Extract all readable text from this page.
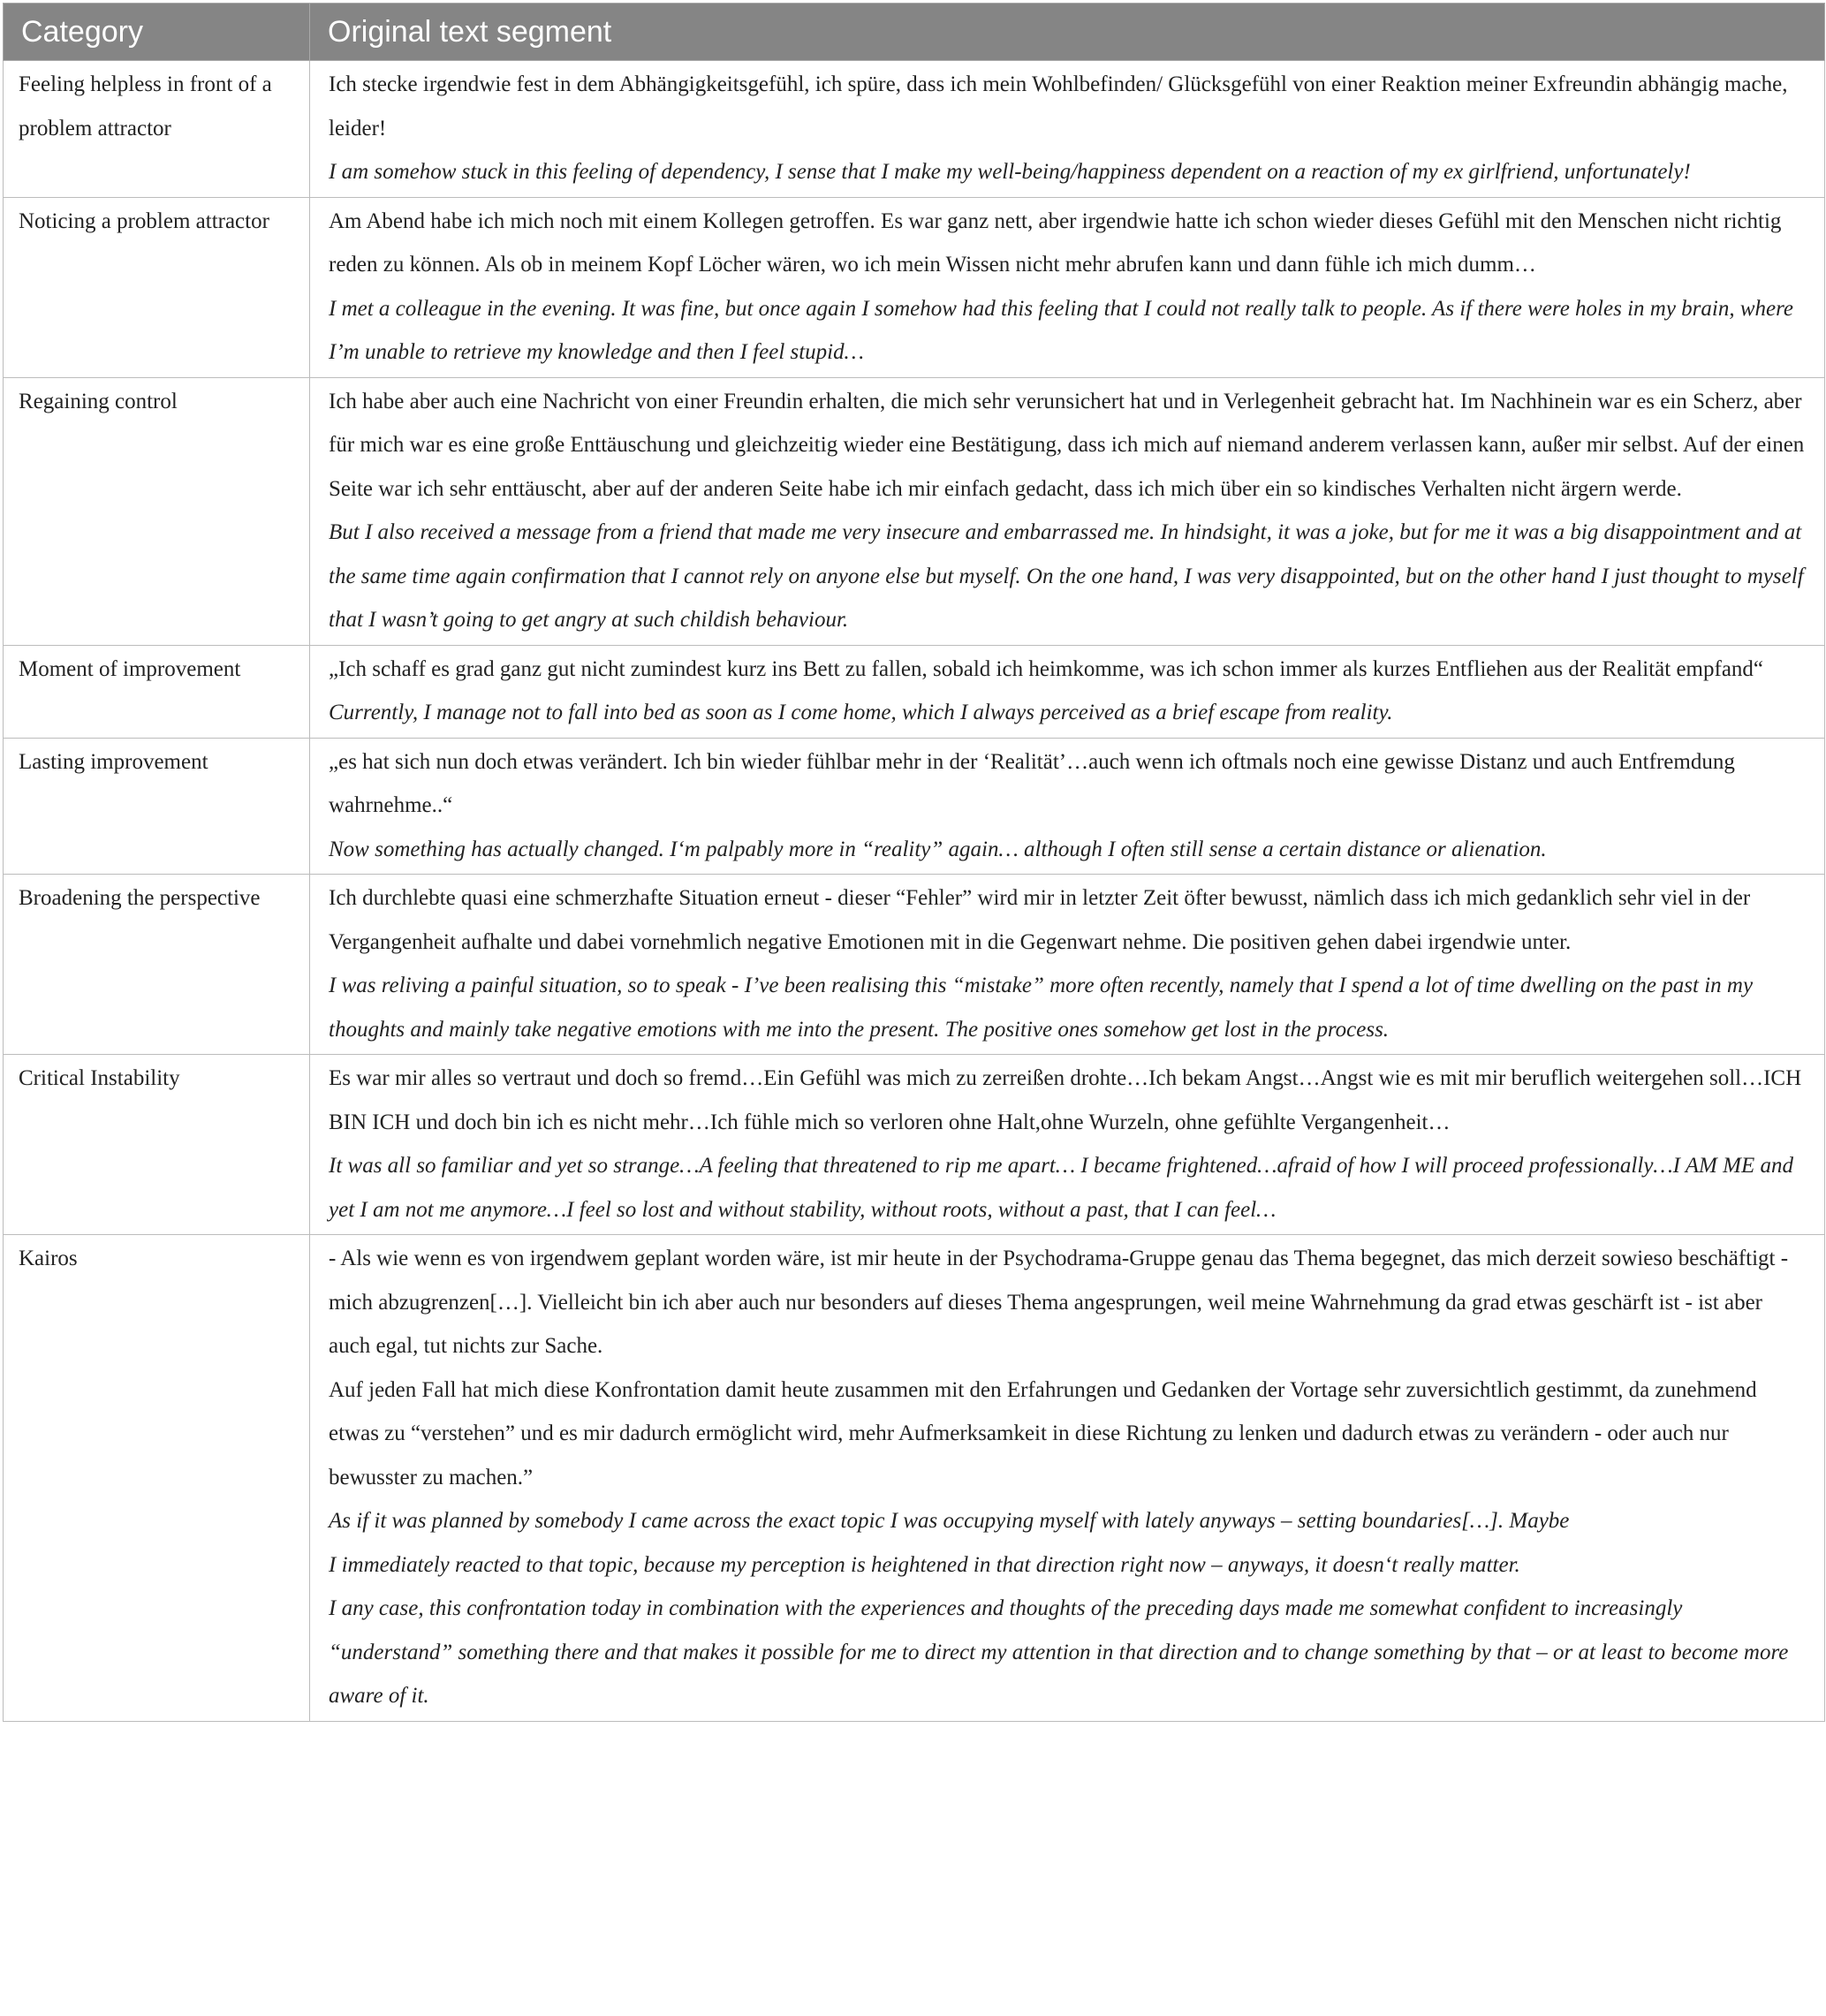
Category	Original text segment
Feeling helpless in front of a problem attractor	Ich stecke irgendwie fest in dem Abhängigkeitsgefühl, ich spüre, dass ich mein Wohlbefinden/ Glücksgefühl von einer Reaktion meiner Exfreundin abhängig mache, leider!
I am somehow stuck in this feeling of dependency, I sense that I make my well-being/happiness dependent on a reaction of my ex girlfriend, unfortunately!

Noticing a problem attractor	Am Abend habe ich mich noch mit einem Kollegen getroffen. Es war ganz nett, aber irgendwie hatte ich schon wieder dieses Gefühl mit den Menschen nicht richtig reden zu können. Als ob in meinem Kopf Löcher wären, wo ich mein Wissen nicht mehr abrufen kann und dann fühle ich mich dumm…
I met a colleague in the evening. It was fine, but once again I somehow had this feeling that I could not really talk to people. As if there were holes in my brain, where I’m unable to retrieve my knowledge and then I feel stupid…

Regaining control	Ich habe aber auch eine Nachricht von einer Freundin erhalten, die mich sehr verunsichert hat und in Verlegenheit gebracht hat. Im Nachhinein war es ein Scherz, aber für mich war es eine große Enttäuschung und gleichzeitig wieder eine Bestätigung, dass ich mich auf niemand anderem verlassen kann, außer mir selbst. Auf der einen Seite war ich sehr enttäuscht, aber auf der anderen Seite habe ich mir einfach gedacht, dass ich mich über ein so kindisches Verhalten nicht ärgern werde.
But I also received a message from a friend that made me very insecure and embarrassed me. In hindsight, it was a joke, but for me it was a big disappointment and at the same time again confirmation that I cannot rely on anyone else but myself. On the one hand, I was very disappointed, but on the other hand I just thought to myself that I wasn’t going to get angry at such childish behaviour.

Moment of improvement	„Ich schaff es grad ganz gut nicht zumindest kurz ins Bett zu fallen, sobald ich heimkomme, was ich schon immer als kurzes Entfliehen aus der Realität empfand“
Currently, I manage not to fall into bed as soon as I come home, which I always perceived as a brief escape from reality.

Lasting improvement	„es hat sich nun doch etwas verändert. Ich bin wieder fühlbar mehr in der ‘Realität’…auch wenn ich oftmals noch eine gewisse Distanz und auch Entfremdung wahrnehme..“
Now something has actually changed. I‘m palpably more in “reality” again… although I often still sense a certain distance or alienation.

Broadening the perspective	Ich durchlebte quasi eine schmerzhafte Situation erneut - dieser “Fehler” wird mir in letzter Zeit öfter bewusst, nämlich dass ich mich gedanklich sehr viel in der Vergangenheit aufhalte und dabei vornehmlich negative Emotionen mit in die Gegenwart nehme. Die positiven gehen dabei irgendwie unter.
I was reliving a painful situation, so to speak - I’ve been realising this “mistake” more often recently, namely that I spend a lot of time dwelling on the past in my thoughts and mainly take negative emotions with me into the present. The positive ones somehow get lost in the process.

Critical Instability	Es war mir alles so vertraut und doch so fremd…Ein Gefühl was mich zu zerreißen drohte…Ich bekam Angst…Angst wie es mit mir beruflich weitergehen soll…ICH BIN ICH und doch bin ich es nicht mehr…Ich fühle mich so verloren ohne Halt,ohne Wurzeln, ohne gefühlte Vergangenheit…
It was all so familiar and yet so strange…A feeling that threatened to rip me apart… I became frightened…afraid of how I will proceed professionally…I AM ME and yet I am not me anymore…I feel so lost and without stability, without roots, without a past, that I can feel…

Kairos	- Als wie wenn es von irgendwem geplant worden wäre, ist mir heute in der Psychodrama-Gruppe genau das Thema begegnet, das mich derzeit sowieso beschäftigt - mich abzugrenzen[…]. Vielleicht bin ich aber auch nur besonders auf dieses Thema angesprungen, weil meine Wahrnehmung da grad etwas geschärft ist - ist aber auch egal, tut nichts zur Sache.
Auf jeden Fall hat mich diese Konfrontation damit heute zusammen mit den Erfahrungen und Gedanken der Vortage sehr zuversichtlich gestimmt, da zunehmend etwas zu “verstehen” und es mir dadurch ermöglicht wird, mehr Aufmerksamkeit in diese Richtung zu lenken und dadurch etwas zu verändern - oder auch nur bewusster zu machen.”
As if it was planned by somebody I came across the exact topic I was occupying myself with lately anyways – setting boundaries[…]. Maybe
I immediately reacted to that topic, because my perception is heightened in that direction right now – anyways, it doesn‘t really matter.
I any case, this confrontation today in combination with the experiences and thoughts of the preceding days made me somewhat confident to increasingly “understand” something there and that makes it possible for me to direct my attention in that direction and to change something by that – or at least to become more aware of it.
